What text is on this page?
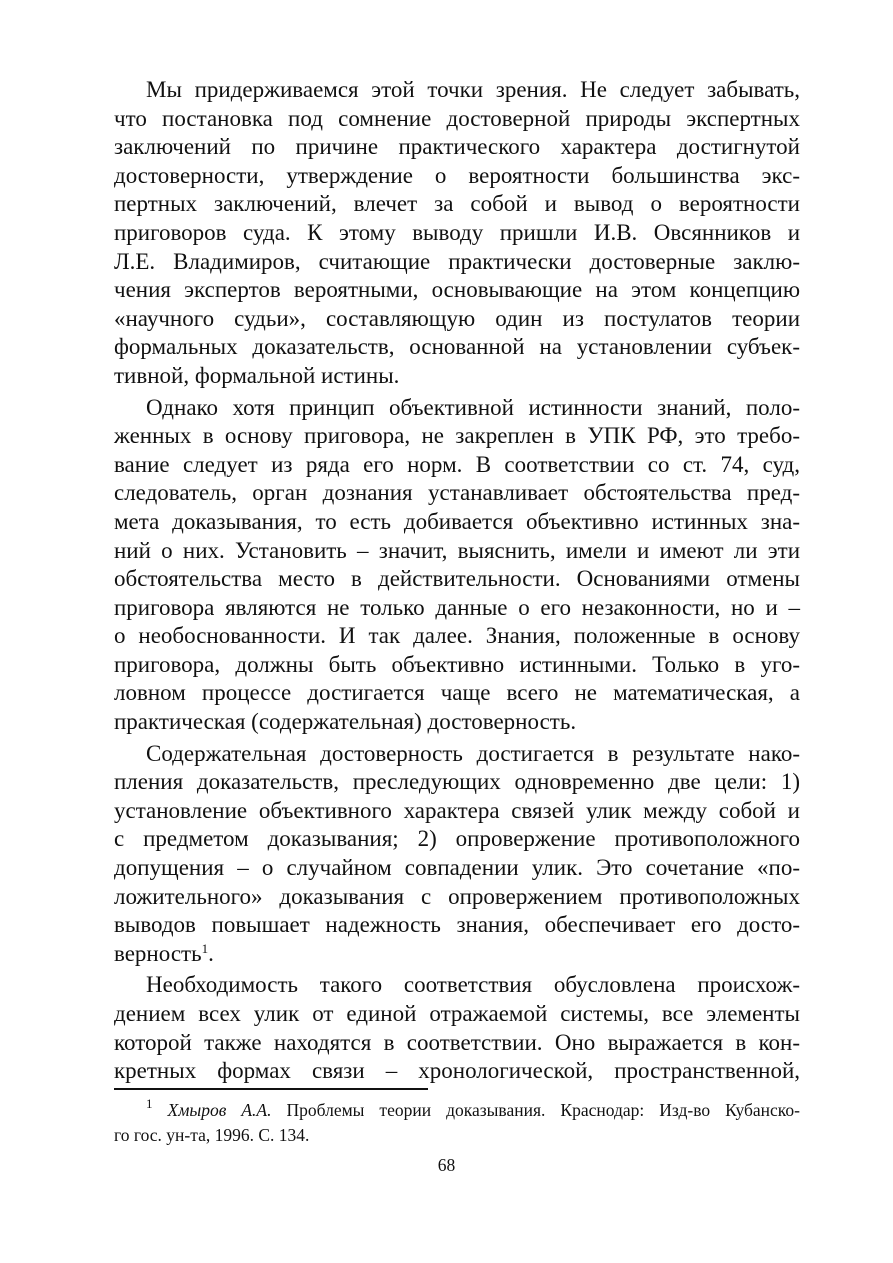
Мы придерживаемся этой точки зрения. Не следует забывать,
что постановка под сомнение достоверной природы экспертных
заключений по причине практического характера достигнутой
достоверности, утверждение о вероятности большинства экс-
пертных заключений, влечет за собой и вывод о вероятности
приговоров суда. К этому выводу пришли И.В. Овсянников и
Л.Е. Владимиров, считающие практически достоверные заклю-
чения экспертов вероятными, основывающие на этом концепцию
«научного судьи», составляющую один из постулатов теории
формальных доказательств, основанной на установлении субъек-
тивной, формальной истины.
Однако хотя принцип объективной истинности знаний, поло-
женных в основу приговора, не закреплен в УПК РФ, это требо-
вание следует из ряда его норм. В соответствии со ст. 74, суд,
следователь, орган дознания устанавливает обстоятельства пред-
мета доказывания, то есть добивается объективно истинных зна-
ний о них. Установить – значит, выяснить, имели и имеют ли эти
обстоятельства место в действительности. Основаниями отмены
приговора являются не только данные о его незаконности, но и –
о необоснованности. И так далее. Знания, положенные в основу
приговора, должны быть объективно истинными. Только в уго-
ловном процессе достигается чаще всего не математическая, а
практическая (содержательная) достоверность.
Содержательная достоверность достигается в результате нако-
пления доказательств, преследующих одновременно две цели: 1)
установление объективного характера связей улик между собой и
с предметом доказывания; 2) опровержение противоположного
допущения – о случайном совпадении улик. Это сочетание «по-
ложительного» доказывания с опровержением противоположных
выводов повышает надежность знания, обеспечивает его досто-
верность$^1$.
Необходимость такого соответствия обусловлена происхож-
дением всех улик от единой отражаемой системы, все элементы
которой также находятся в соответствии. Оно выражается в кон-
кретных формах связи – хронологической, пространственной,
$^1$ Хмыров А.А. Проблемы теории доказывания. Краснодар: Изд-во Кубанско-
го гос. ун-та, 1996. С. 134.
68
